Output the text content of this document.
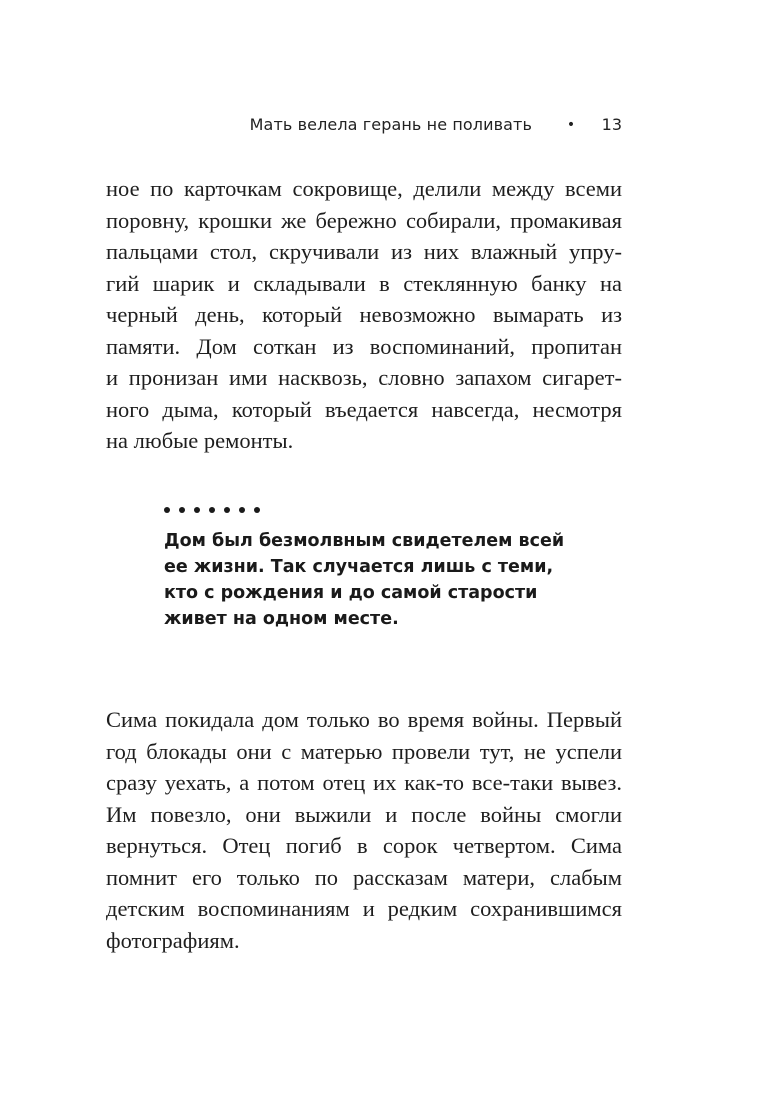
Мать велела герань не поливать • 13
ное по карточкам сокровище, делили между всеми
поровну, крошки же бережно собирали, промакивая
пальцами стол, скручивали из них влажный упру-
гий шарик и складывали в стеклянную банку на
черный день, который невозможно вымарать из
памяти. Дом соткан из воспоминаний, пропитан
и пронизан ими насквозь, словно запахом сигарет-
ного дыма, который въедается навсегда, несмотря
на любые ремонты.
Дом был безмолвным свидетелем всей
ее жизни. Так случается лишь с теми,
кто с рождения и до самой старости
живет на одном месте.
Сима покидала дом только во время войны. Первый
год блокады они с матерью провели тут, не успели
сразу уехать, а потом отец их как-то все-таки вывез.
Им повезло, они выжили и после войны смогли
вернуться. Отец погиб в сорок четвертом. Сима
помнит его только по рассказам матери, слабым
детским воспоминаниям и редким сохранившимся
фотографиям.
